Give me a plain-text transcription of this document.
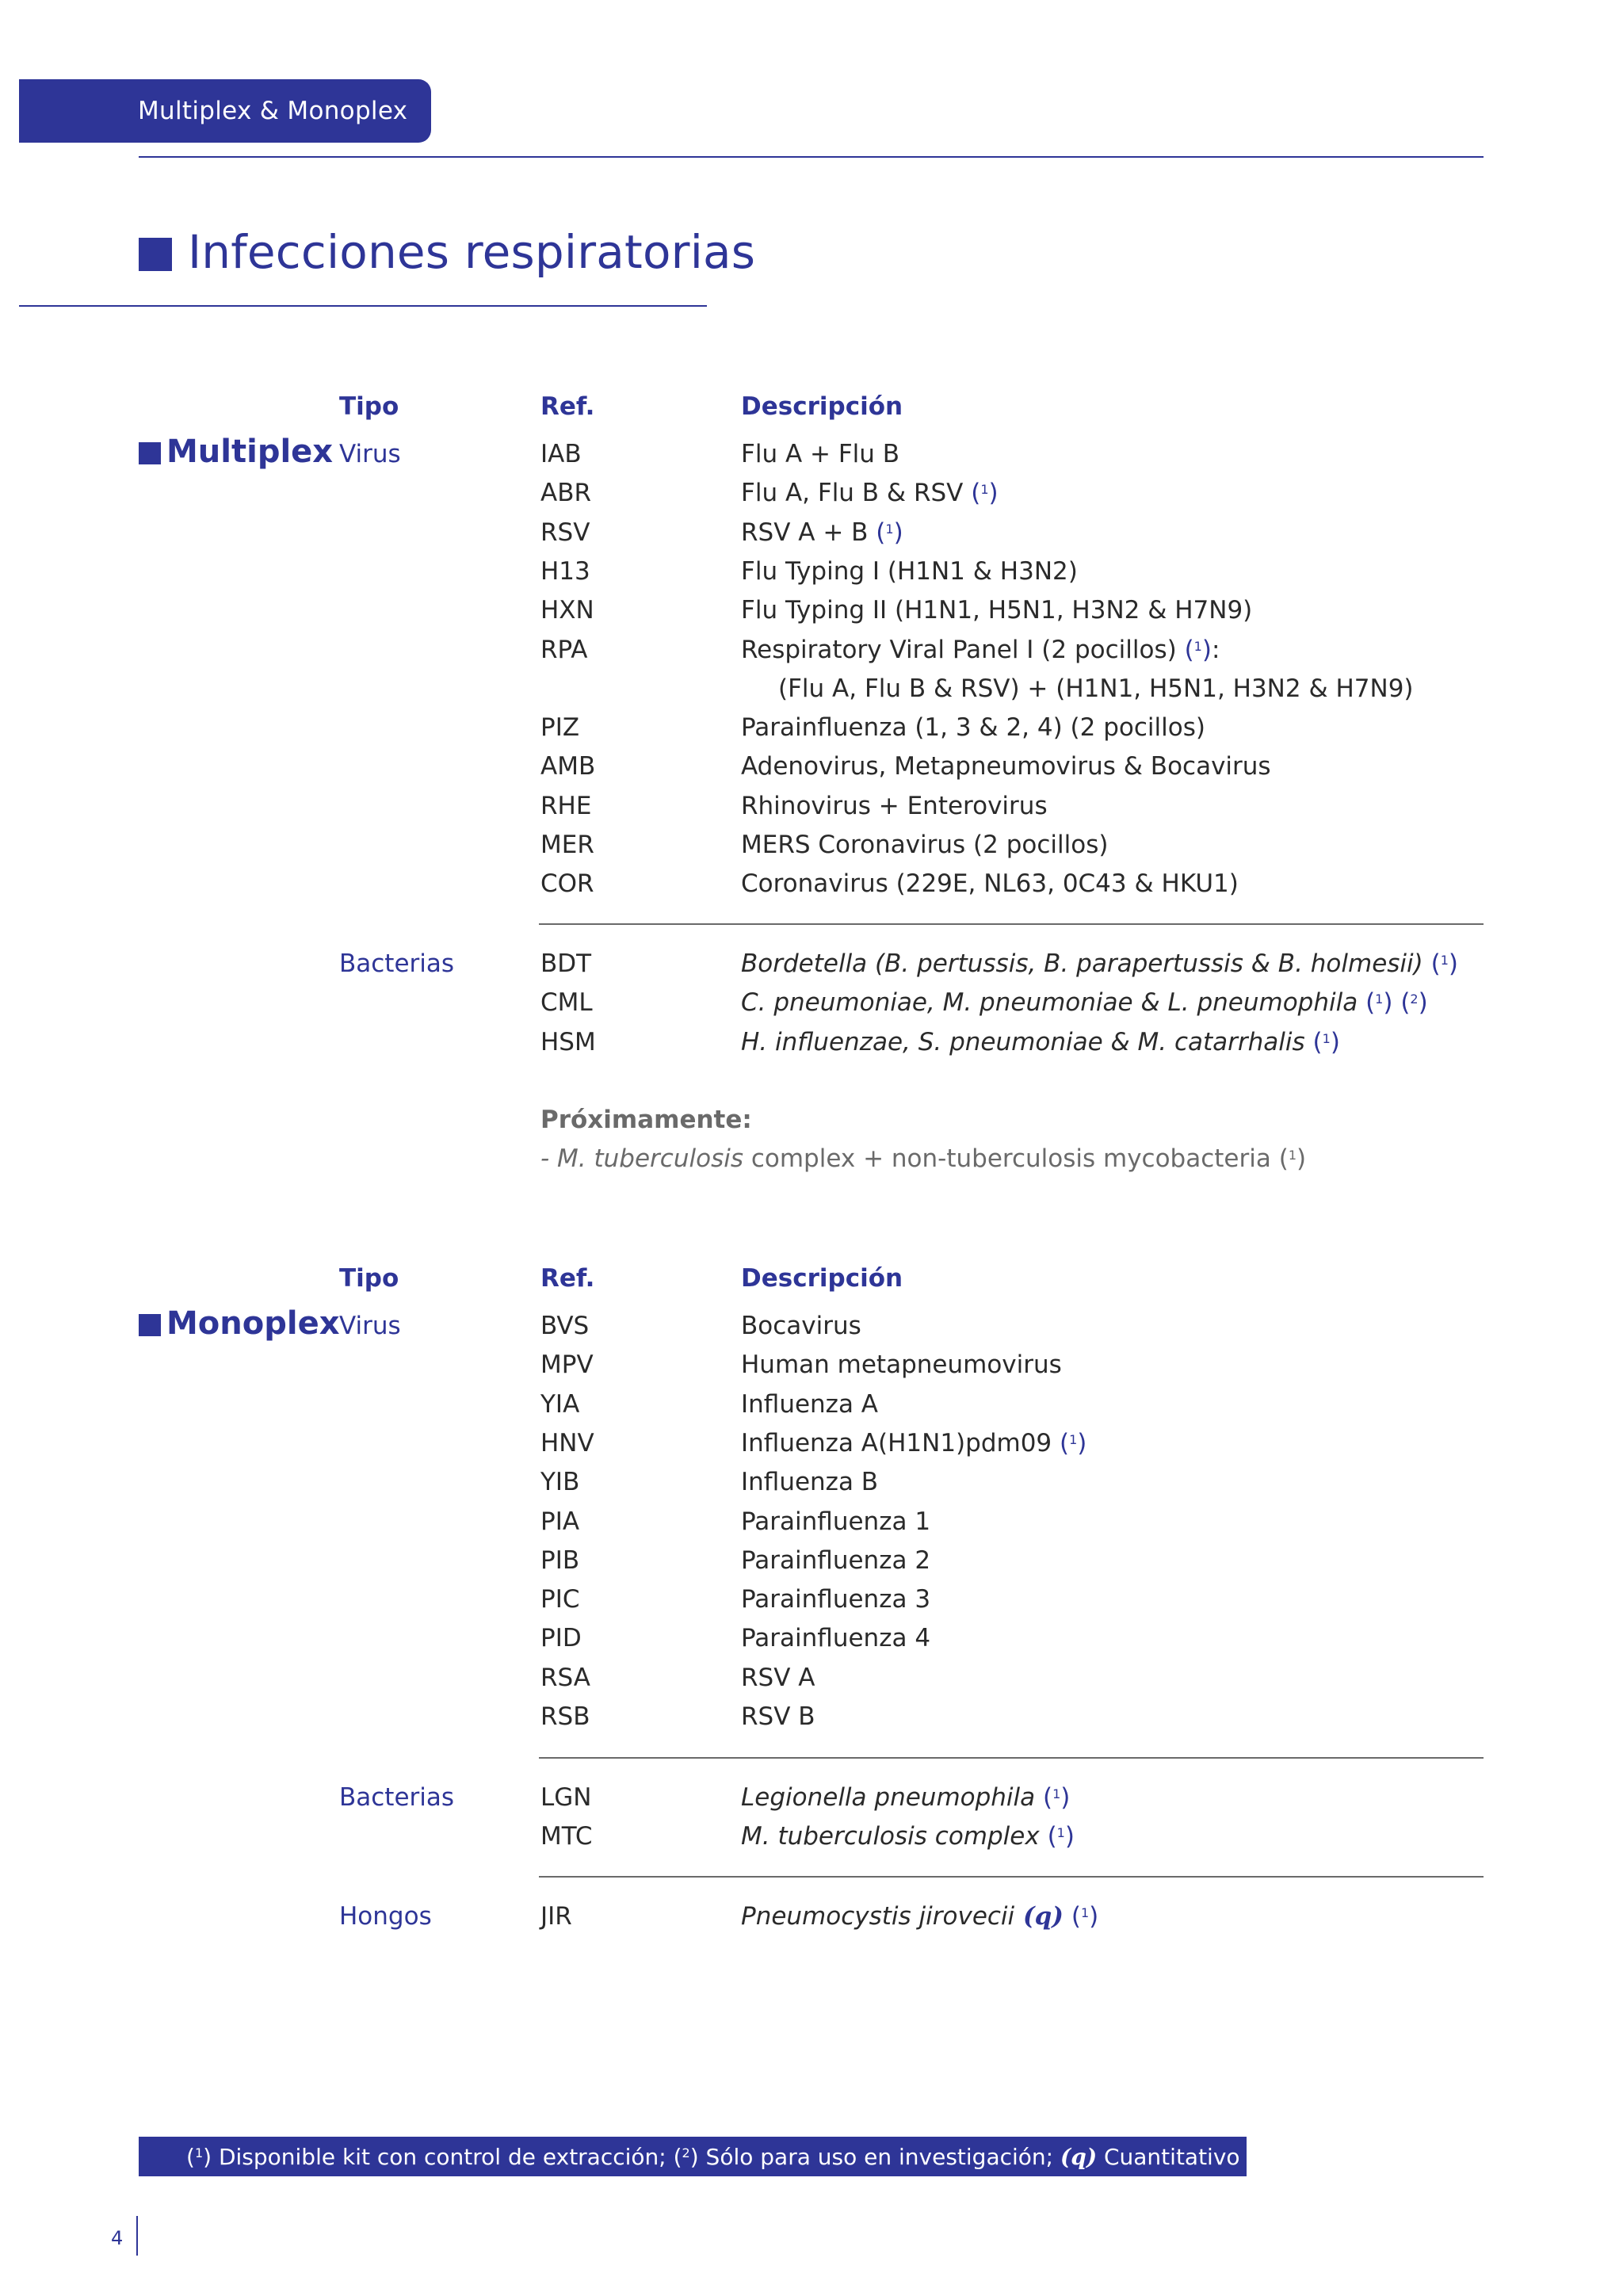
Multiplex & Monoplex
Infecciones respiratorias
Tipo	Ref.	Descripción
Multiplex Virus	IAB	Flu A + Flu B
ABR	Flu A, Flu B & RSV ($^1$)
RSV	RSV A + B ($^1$)
H13	Flu Typing I (H1N1 & H3N2)
HXN	Flu Typing II (H1N1, H5N1, H3N2 & H7N9)
RPA	Respiratory Viral Panel I (2 pocillos) ($^1$):
(Flu A, Flu B & RSV) + (H1N1, H5N1, H3N2 & H7N9)
PIZ	Parainfluenza (1, 3 & 2, 4) (2 pocillos)
AMB	Adenovirus, Metapneumovirus & Bocavirus
RHE	Rhinovirus + Enterovirus
MER	MERS Coronavirus (2 pocillos)
COR	Coronavirus (229E, NL63, 0C43 & HKU1)
Bacterias	BDT	Bordetella (B. pertussis, B. parapertussis & B. holmesii) ($^1$)
CML	C. pneumoniae, M. pneumoniae & L. pneumophila ($^1$) ($^2$)
HSM	H. influenzae, S. pneumoniae & M. catarrhalis ($^1$)
Próximamente:
- M. tuberculosis complex + non-tuberculosis mycobacteria ($^1$)
Tipo	Ref.	Descripción
Monoplex Virus	BVS	Bocavirus
MPV	Human metapneumovirus
YIA	Influenza A
HNV	Influenza A(H1N1)pdm09 ($^1$)
YIB	Influenza B
PIA	Parainfluenza 1
PIB	Parainfluenza 2
PIC	Parainfluenza 3
PID	Parainfluenza 4
RSA	RSV A
RSB	RSV B
Bacterias	LGN	Legionella pneumophila ($^1$)
MTC	M. tuberculosis complex ($^1$)
Hongos	JIR	Pneumocystis jirovecii (q) ($^1$)
($^1$) Disponible kit con control de extracción; ($^2$) Sólo para uso en investigación; (q) Cuantitativo
4
